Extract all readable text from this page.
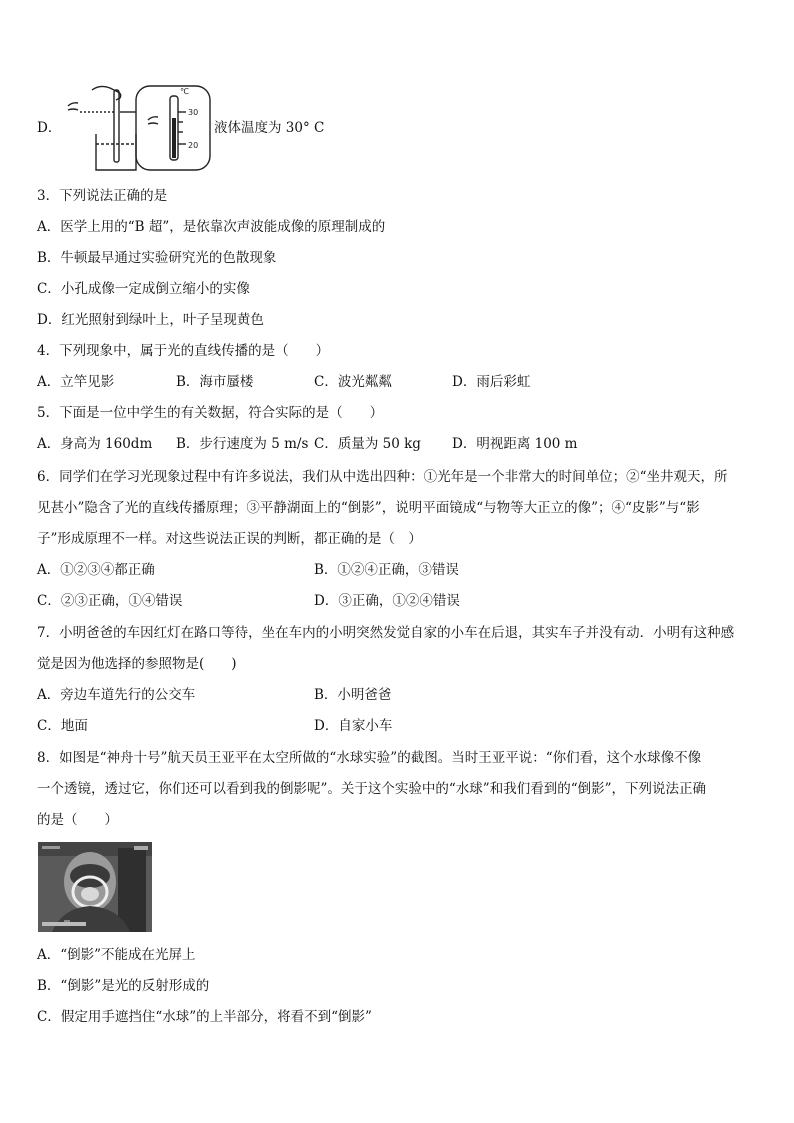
D．
℃
30
20
液体温度为 30° C
3．下列说法正确的是
A．医学上用的“B 超”，是依靠次声波能成像的原理制成的
B．牛顿最早通过实验研究光的色散现象
C．小孔成像一定成倒立缩小的实像
D．红光照射到绿叶上，叶子呈现黄色
4．下列现象中，属于光的直线传播的是（　　）
A．立竿见影	B．海市蜃楼	C．波光粼粼	D．雨后彩虹
5．下面是一位中学生的有关数据，符合实际的是（　　）
A．身高为 160dm B．步行速度为 5 m/s C．质量为 50 kg D．明视距离 100 m
6．同学们在学习光现象过程中有许多说法，我们从中选出四种：①光年是一个非常大的时间单位；②“坐井观天，所
见甚小”隐含了光的直线传播原理；③平静湖面上的“倒影”，说明平面镜成“与物等大正立的像”；④“皮影”与“影
子”形成原理不一样。对这些说法正误的判断，都正确的是（　）
A．①②③④都正确	B．①②④正确，③错误
C．②③正确，①④错误	D．③正确，①②④错误
7．小明爸爸的车因红灯在路口等待，坐在车内的小明突然发觉自家的小车在后退，其实车子并没有动．小明有这种感
觉是因为他选择的参照物是(　　)
A．旁边车道先行的公交车	B．小明爸爸
C．地面	D．自家小车
8．如图是“神舟十号”航天员王亚平在太空所做的“水球实验”的截图。当时王亚平说：“你们看，这个水球像不像
一个透镜，透过它，你们还可以看到我的倒影呢”。关于这个实验中的“水球”和我们看到的“倒影”，下列说法正确
的是（　　）
A．“倒影”不能成在光屏上
B．“倒影”是光的反射形成的
C．假定用手遮挡住“水球”的上半部分，将看不到“倒影”
